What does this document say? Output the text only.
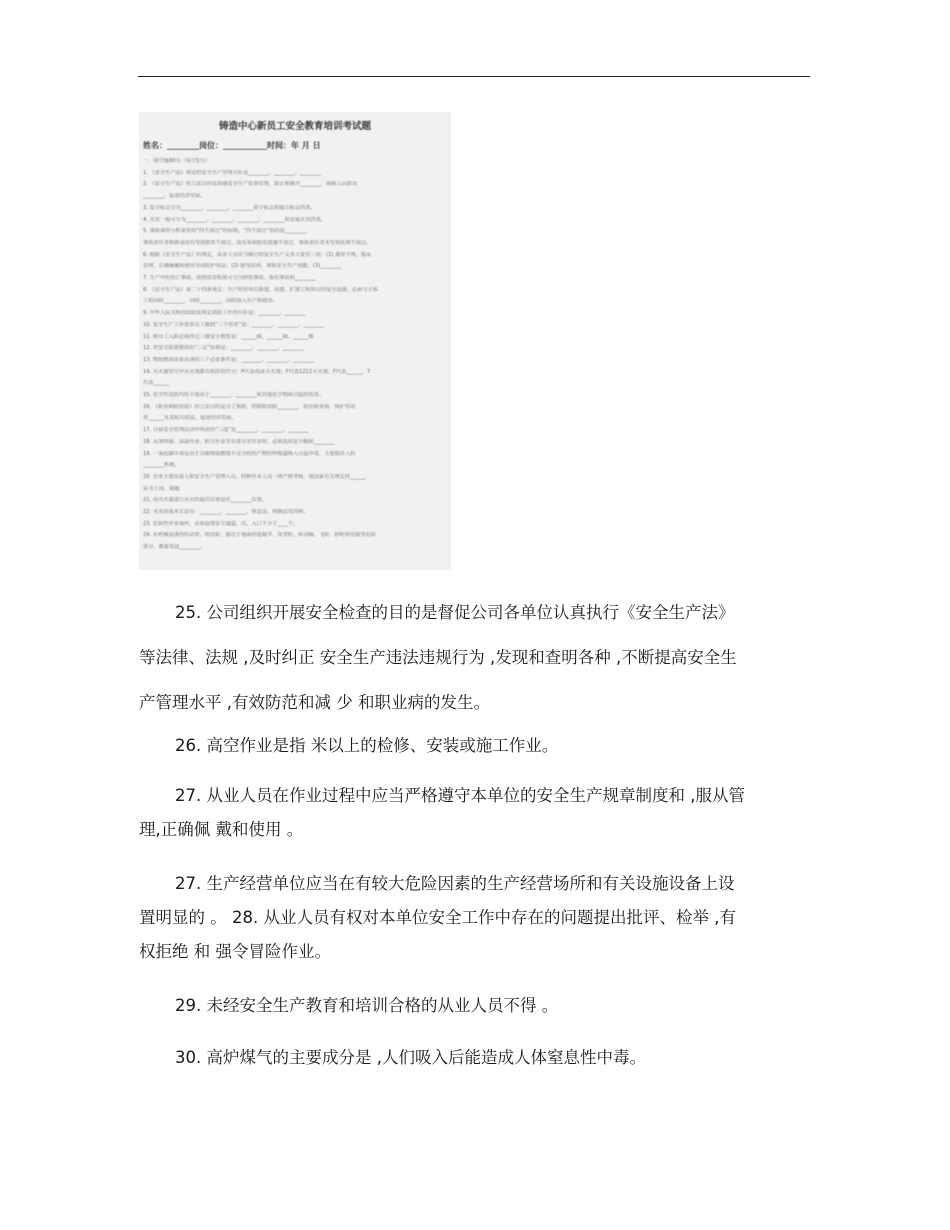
铸造中心新员工安全教育培训考试题
姓名：________岗位：___________时间：年 月 日
一、填空题80分（每空1分）
1. 《安全生产法》规定的安全生产管理方针是________、________、________
2. 《安全生产法》的立法目的是加强安全生产监督管理，防止和减少________，保障人民群众
________，促进经济发展。
3. 安全标志分为________、________、________指令标志和提示标志四类。
4. 火灾一般可分为________、________、________、________和金属火灾四类。
5. 事故调查分析要坚持“四不放过”的原则，“四不放过”指的是________，
事故责任者和群众没有受到教育不放过，没有采取防范措施不放过，事故责任者未受到处理不放过。
6. 根据《安全生产法》的规定，从业人员应当履行的安全生产义务主要有三项：(1) 遵章守规，服从
管理，正确佩戴和使用劳动防护用品；(2) 接受培训，掌握安全生产技能；(3)________
7. 生产中的伤亡事故，按照伤害程度可分为轻伤事故、重伤事故和________
8. 《安全生产法》第二十四条规定：生产经营单位新建、改建、扩建工程项目的安全设施，必须与主体
工程同时________、同时________，同时投入生产和使用。
9. 中华人民共和国消防法规定消防工作的方针是：________，________
10. 安全生产工作要求员工做到“三不伤害”是：________、________、________
11. 新员工入职必须经过三级安全教育是：______级、______级、______级
12. 对安全隐患整改的“三定”原则是：________、________、________
13. 物质燃烧需要具备的三个必要条件是：________、________、________
14. 灭火器型号中灭火剂都有相应的代号：P代表泡沫灭火剂；F代表1211灭火剂；F代表______，T
代表______
15. 化学性皮肤灼伤主要由于________、________和其他化学物质引起的伤害。
16. 《职业病防治法》的立法目的是为了预防、控制和消除________，防治职业病，保护劳动
者______及其相关权益，促进经济发展。
17. 目前安全管理活动中所说的“三违”是________、________、________
18. 从事焊接、高温作业、粉尘作业等有毒有害作业时，必须选用安全帽和________
19. 一氧化碳中毒是由于含碳物质燃烧不完全时的产物经呼吸道吸入引起中毒，主要损害人的
________系统。
20. 企业主要负责人和安全生产管理人员、特种作业人员一律严格考核，按国家有关规定持______
证书上岗。错题
21. 用灭火器进行灭火的最佳位置是在________位置。
22. 灭火的基本方法有：________、________、窒息法、抑制法等四种。
23. 危险性作业场所，必须设置安全通道，出、入口不少于____个。
24. 在机械设备的传动带、明齿轮、接近于地面的连轴节、皮带轮、转动轴、飞轮、砂轮和电锯等危险
部分，都要装设________。
25. 公司组织开展安全检查的目的是督促公司各单位认真执行《安全生产法》
等法律、法规 ,及时纠正 安全生产违法违规行为 ,发现和查明各种 ,不断提高安全生
产管理水平 ,有效防范和减 少 和职业病的发生。
26. 高空作业是指 米以上的检修、安装或施工作业。
27. 从业人员在作业过程中应当严格遵守本单位的安全生产规章制度和 ,服从管
理,正确佩 戴和使用 。
27. 生产经营单位应当在有较大危险因素的生产经营场所和有关设施设备上设
置明显的 。 28. 从业人员有权对本单位安全工作中存在的问题提出批评、检举 ,有
权拒绝 和 强令冒险作业。
29. 未经安全生产教育和培训合格的从业人员不得 。
30. 高炉煤气的主要成分是 ,人们吸入后能造成人体窒息性中毒。
